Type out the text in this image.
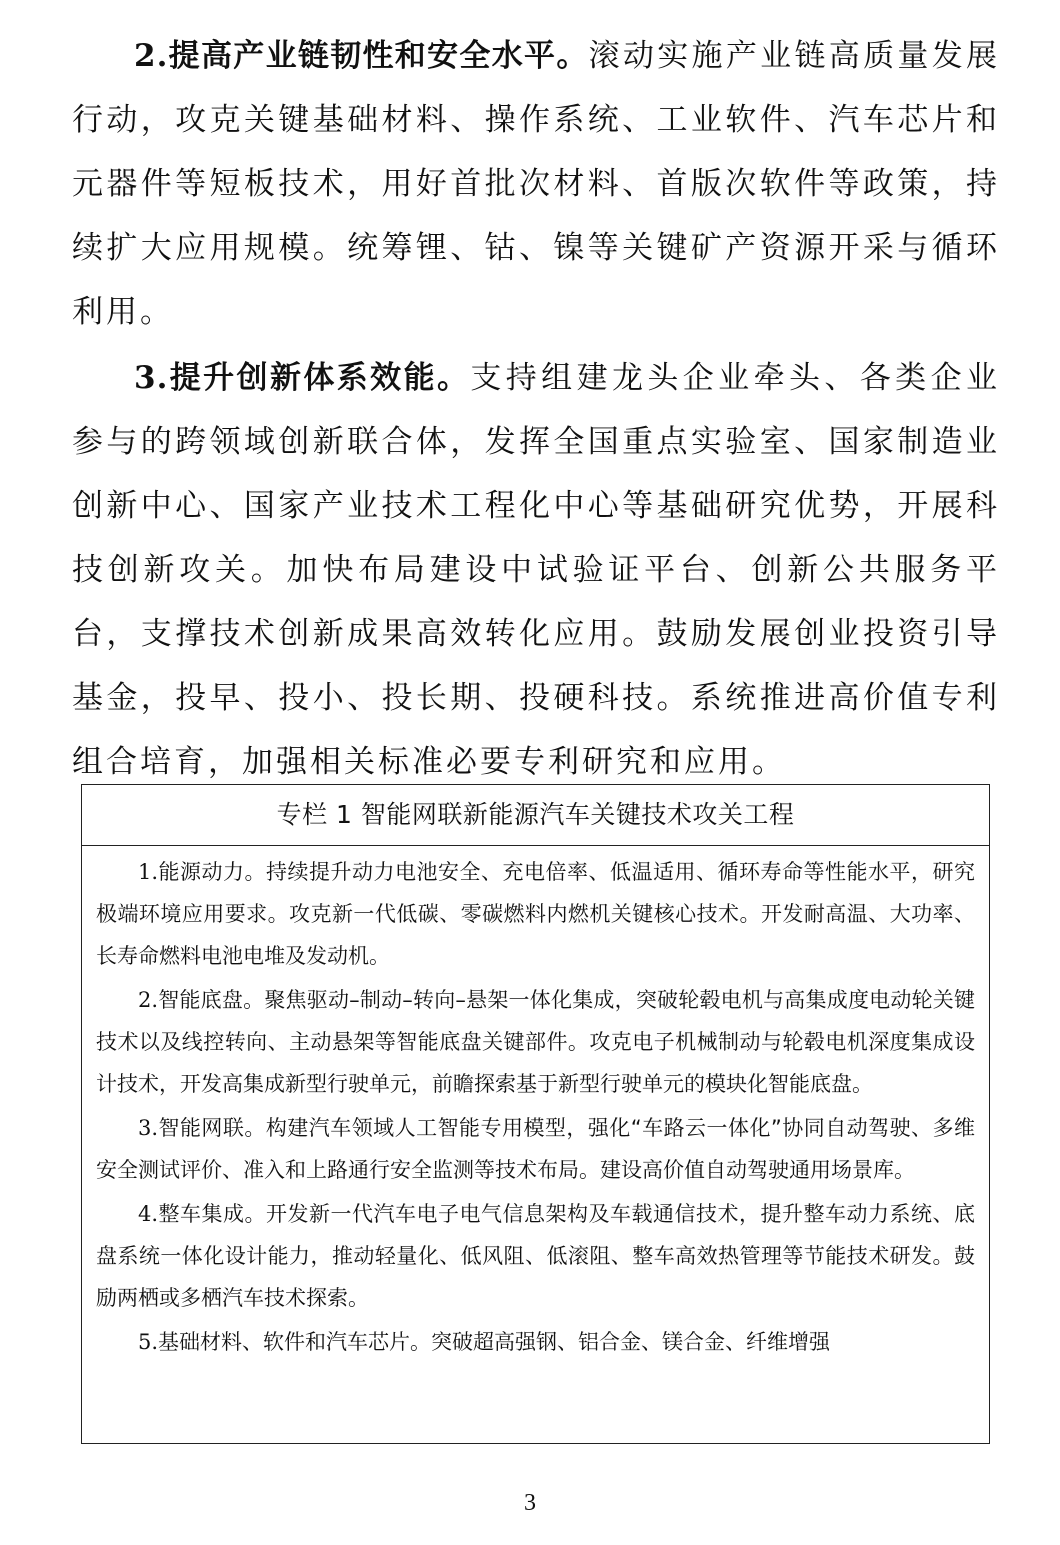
2.提高产业链韧性和安全水平。滚动实施产业链高质量发展行动，攻克关键基础材料、操作系统、工业软件、汽车芯片和元器件等短板技术，用好首批次材料、首版次软件等政策，持续扩大应用规模。统筹锂、钴、镍等关键矿产资源开采与循环利用。

3.提升创新体系效能。支持组建龙头企业牵头、各类企业参与的跨领域创新联合体，发挥全国重点实验室、国家制造业创新中心、国家产业技术工程化中心等基础研究优势，开展科技创新攻关。加快布局建设中试验证平台、创新公共服务平台，支撑技术创新成果高效转化应用。鼓励发展创业投资引导基金，投早、投小、投长期、投硬科技。系统推进高价值专利组合培育，加强相关标准必要专利研究和应用。

专栏 1 智能网联新能源汽车关键技术攻关工程

1.能源动力。持续提升动力电池安全、充电倍率、低温适用、循环寿命等性能水平，研究极端环境应用要求。攻克新一代低碳、零碳燃料内燃机关键核心技术。开发耐高温、大功率、长寿命燃料电池电堆及发动机。

2.智能底盘。聚焦驱动–制动–转向–悬架一体化集成，突破轮毂电机与高集成度电动轮关键技术以及线控转向、主动悬架等智能底盘关键部件。攻克电子机械制动与轮毂电机深度集成设计技术，开发高集成新型行驶单元，前瞻探索基于新型行驶单元的模块化智能底盘。

3.智能网联。构建汽车领域人工智能专用模型，强化“车路云一体化”协同自动驾驶、多维安全测试评价、准入和上路通行安全监测等技术布局。建设高价值自动驾驶通用场景库。

4.整车集成。开发新一代汽车电子电气信息架构及车载通信技术，提升整车动力系统、底盘系统一体化设计能力，推动轻量化、低风阻、低滚阻、整车高效热管理等节能技术研发。鼓励两栖或多栖汽车技术探索。

5.基础材料、软件和汽车芯片。突破超高强钢、铝合金、镁合金、纤维增强

3
